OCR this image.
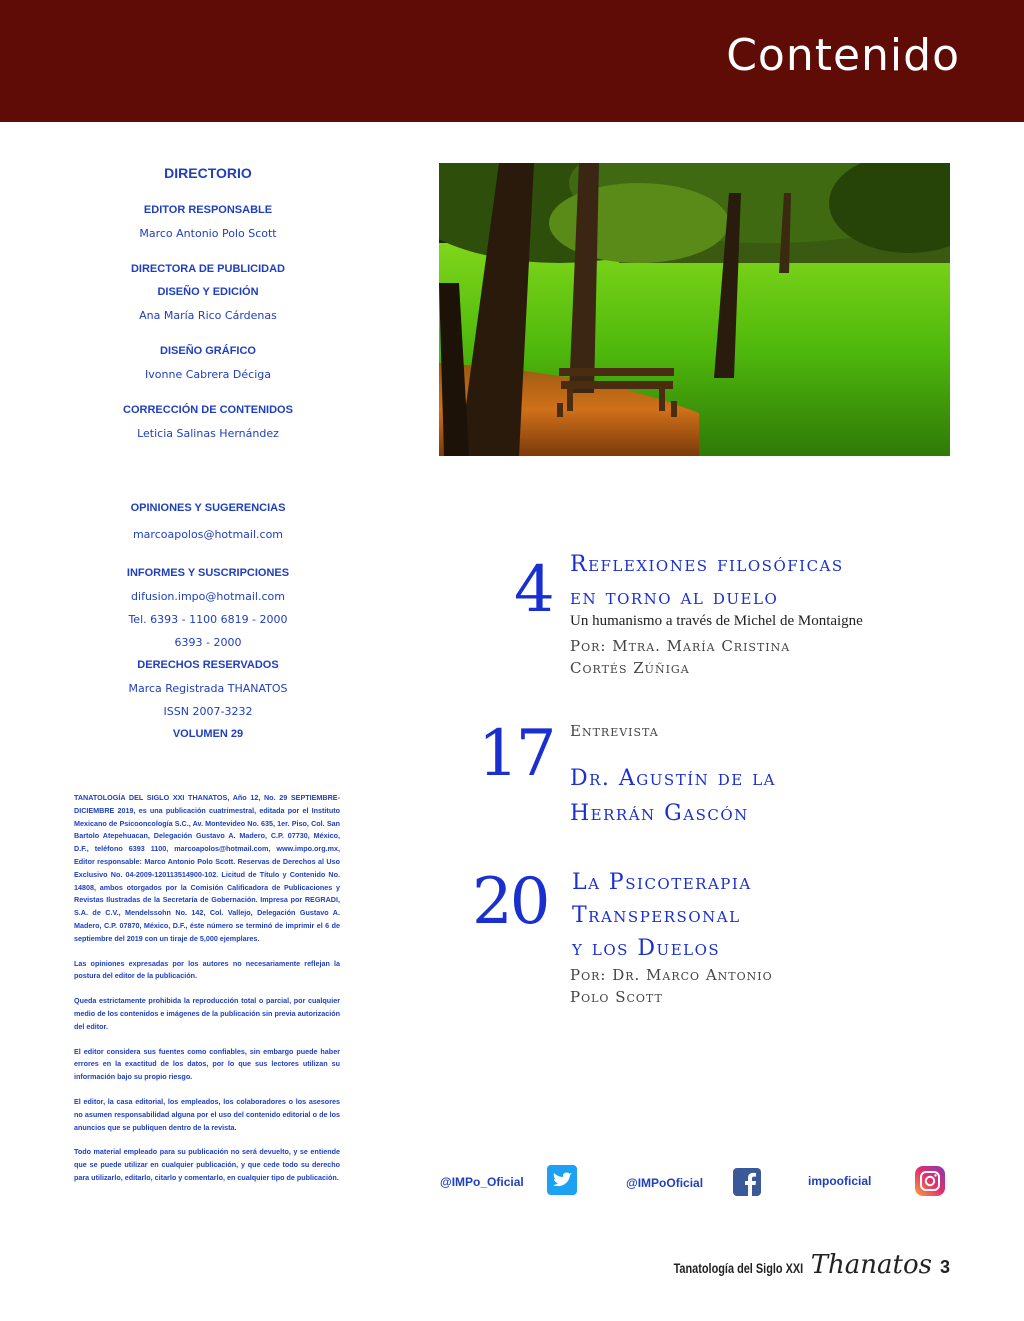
Contenido
DIRECTORIO
EDITOR RESPONSABLE
Marco Antonio Polo Scott
DIRECTORA DE PUBLICIDAD
DISEÑO Y EDICIÓN
Ana María Rico Cárdenas
DISEÑO GRÁFICO
Ivonne Cabrera Déciga
CORRECCIÓN DE CONTENIDOS
Leticia Salinas Hernández
OPINIONES Y SUGERENCIAS
marcoapolos@hotmail.com
INFORMES Y SUSCRIPCIONES
difusion.impo@hotmail.com
Tel. 6393 - 1100 6819 - 2000
6393 - 2000
DERECHOS RESERVADOS
Marca Registrada THANATOS
ISSN 2007-3232
VOLUMEN 29

TANATOLOGÍA DEL SIGLO XXI THANATOS, Año 12, No. 29 SEPTIEMBRE-DICIEMBRE 2019, es una publicación cuatrimestral, editada por el Instituto Mexicano de Psicooncología S.C., Av. Montevideo No. 635, 1er. Piso, Col. San Bartolo Atepehuacan, Delegación Gustavo A. Madero, C.P. 07730, México, D.F., teléfono 6393 1100, marcoapolos@hotmail.com, www.impo.org.mx, Editor responsable: Marco Antonio Polo Scott. Reservas de Derechos al Uso Exclusivo No. 04-2009-120113514900-102. Licitud de Título y Contenido No. 14808, ambos otorgados por la Comisión Calificadora de Publicaciones y Revistas Ilustradas de la Secretaría de Gobernación. Impresa por REGRADI, S.A. de C.V., Mendelssohn No. 142, Col. Vallejo, Delegación Gustavo A. Madero, C.P. 07870, México, D.F., éste número se terminó de imprimir el 6 de septiembre del 2019 con un tiraje de 5,000 ejemplares.

Las opiniones expresadas por los autores no necesariamente reflejan la postura del editor de la publicación.

Queda estrictamente prohibida la reproducción total o parcial, por cualquier medio de los contenidos e imágenes de la publicación sin previa autorización del editor.

El editor considera sus fuentes como confiables, sin embargo puede haber errores en la exactitud de los datos, por lo que sus lectores utilizan su información bajo su propio riesgo.

El editor, la casa editorial, los empleados, los colaboradores o los asesores no asumen responsabilidad alguna por el uso del contenido editorial o de los anuncios que se publiquen dentro de la revista.

Todo material empleado para su publicación no será devuelto, y se entiende que se puede utilizar en cualquier publicación, y que cede todo su derecho para utilizarlo, editarlo, citarlo y comentarlo, en cualquier tipo de publicación.

4 Reflexiones filosóficas
en torno al duelo
Un humanismo a través de Michel de Montaigne
Por: Mtra. María Cristina
Cortés Zúñiga
17 Entrevista
Dr. Agustín de la
Herrán Gascón
20 La Psicoterapia
Transpersonal
y los Duelos
Por: Dr. Marco Antonio
Polo Scott
@IMPo_Oficial	@IMPoOficial	impooficial
Tanatología del Siglo XXI Thanatos 3
